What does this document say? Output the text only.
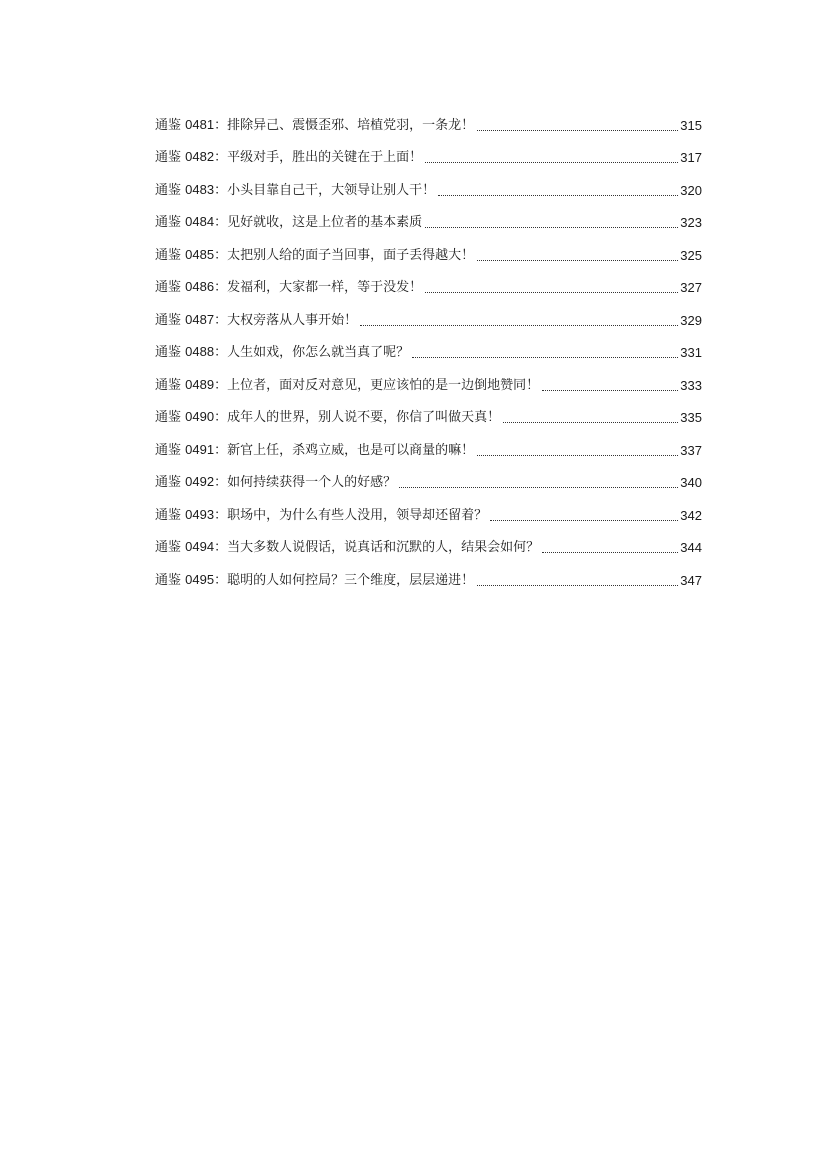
通鉴 0481：排除异己、震慑歪邪、培植党羽，一条龙！	315
通鉴 0482：平级对手，胜出的关键在于上面！	317
通鉴 0483：小头目靠自己干，大领导让别人干！	320
通鉴 0484：见好就收，这是上位者的基本素质	323
通鉴 0485：太把别人给的面子当回事，面子丢得越大！	325
通鉴 0486：发福利，大家都一样，等于没发！	327
通鉴 0487：大权旁落从人事开始！	329
通鉴 0488：人生如戏，你怎么就当真了呢？	331
通鉴 0489：上位者，面对反对意见，更应该怕的是一边倒地赞同！	333
通鉴 0490：成年人的世界，别人说不要，你信了叫做天真！	335
通鉴 0491：新官上任，杀鸡立威，也是可以商量的嘛！	337
通鉴 0492：如何持续获得一个人的好感？	340
通鉴 0493：职场中，为什么有些人没用，领导却还留着？	342
通鉴 0494：当大多数人说假话，说真话和沉默的人，结果会如何？	344
通鉴 0495：聪明的人如何控局？三个维度，层层递进！	347
